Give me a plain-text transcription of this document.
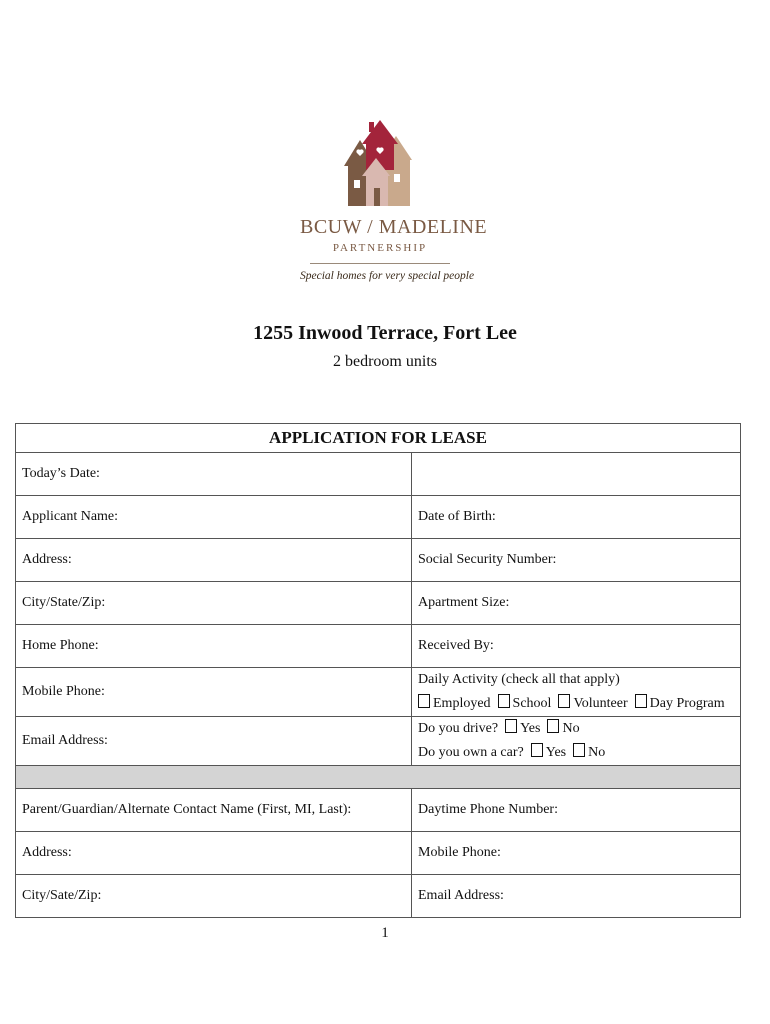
BCUW / MADELINE
PARTNERSHIP
Special homes for very special people
1255 Inwood Terrace, Fort Lee
2 bedroom units
APPLICATION FOR LEASE	
Today’s Date:	
Applicant Name:	Date of Birth:
Address:	Social Security Number:
City/State/Zip:	Apartment Size:
Home Phone:	Received By:
Mobile Phone:	Daily Activity (check all that apply)
Employed School Volunteer Day Program

Email Address:	Do you drive? Yes No
Do you own a car? Yes No

Parent/Guardian/Alternate Contact Name (First, MI, Last):	Daytime Phone Number:
Address:	Mobile Phone:
City/Sate/Zip:	Email Address:
1
